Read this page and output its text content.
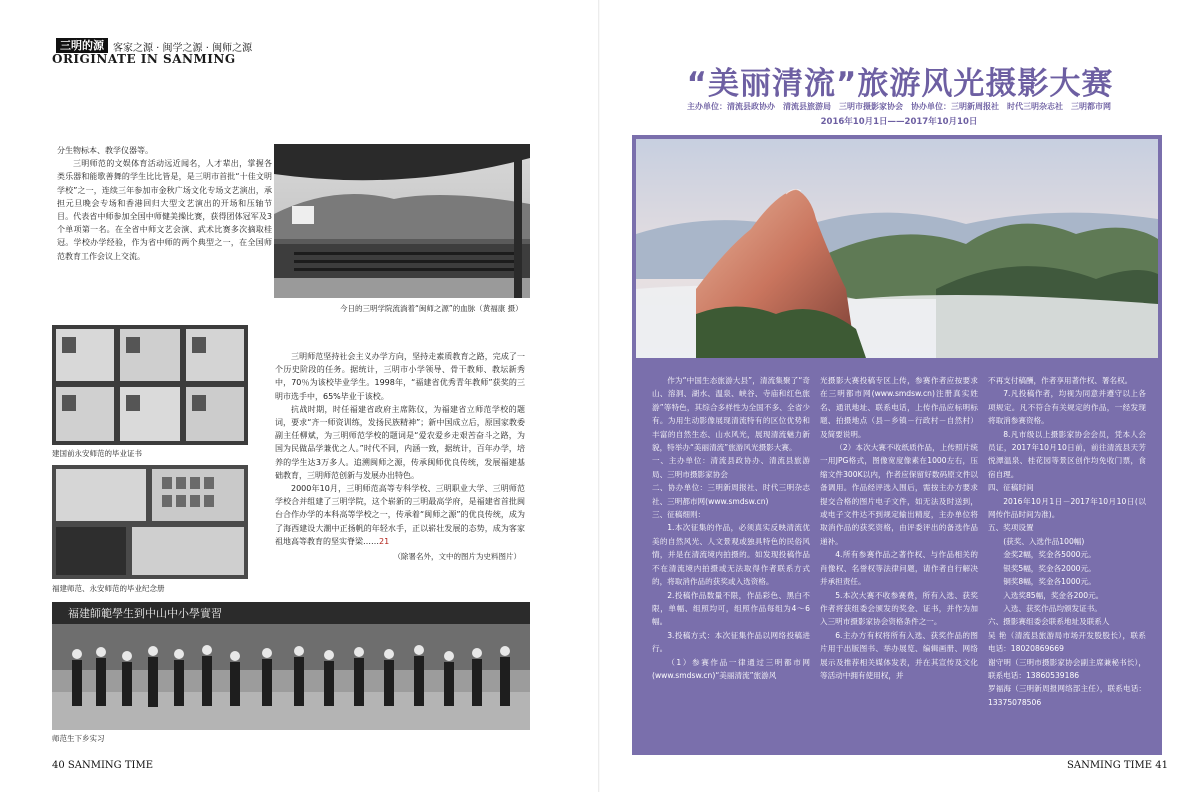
三明的源 客家之源 · 闽学之源 · 闽师之源
ORIGINATE IN SANMING

分生物标本、教学仪器等。

三明师范的文娱体育活动远近闻名，人才辈出，掌握各类乐器和能歌善舞的学生比比皆是，是三明市首批“十佳文明学校”之一，连续三年参加市金秋广场文化专场文艺演出，承担元旦晚会专场和香港回归大型文艺演出的开场和压轴节目。代表省中师参加全国中师健美操比赛，获得团体冠军及3个单项第一名。在全省中师文艺会演、武术比赛多次摘取桂冠。学校办学经验，作为省中师的两个典型之一，在全国师范教育工作会议上交流。

今日的三明学院流淌着“闽师之源”的血脉（黄福康 摄）
建国前永安师范的毕业证书
福建师范、永安师范的毕业纪念册

三明师范坚持社会主义办学方向，坚持走素质教育之路，完成了一个历史阶段的任务。据统计，三明市小学领导、骨干教师、教坛新秀中，70％为该校毕业学生。1998年，“福建省优秀青年教师”获奖的三明市选手中，65%毕业于该校。

抗战时期，时任福建省政府主席陈仪，为福建省立师范学校的题词，要求“齐一师资训练，发扬民族精神”；新中国成立后，原国家教委副主任柳斌，为三明师范学校的题词是“爱农爱乡走艰苦奋斗之路，为国为民做品学兼优之人。”时代不同，内涵一致，据统计，百年办学，培养的学生达3万多人。追溯闽师之源，传承闽师优良传统，发展福建基础教育，三明师范创新与发展办出特色。

2000年10月，三明师范高等专科学校、三明职业大学、三明师范学校合并组建了三明学院，这个崭新的三明最高学府，是福建省首批闽台合作办学的本科高等学校之一，传承着“闽师之源”的优良传统，成为了海西建设大潮中正扬帆的年轻水手，正以崭壮发展的态势，成为客家祖地高等教育的坚实脊梁……21

（除署名外，文中的图片为史料图片）

福建師範學生到中山中小學實習
师范生下乡实习
40 SANMING TIME
“美丽清流”旅游风光摄影大赛
主办单位：清流县政协办　清流县旅游局　三明市摄影家协会　协办单位：三明新周报社　时代三明杂志社　三明都市网
2016年10月1日——2017年10月10日

作为“中国生态旅游大县”，清流集聚了“奇山、溶洞、湖水、温泉、峡谷、寺庙和红色旅游”等特色，其综合多样性为全国不多、全省少有。为用生动影像展现清流特有的区位优势和丰富的自然生态、山水风光，展现清流魅力新貌，特举办“美丽清流”旅游风光摄影大赛。

一、主办单位：清流县政协办、清流县旅游局、三明市摄影家协会

二、协办单位：三明新周报社、时代三明杂志社、三明都市网(www.smdsw.cn)

三、征稿细则：

1.本次征集的作品，必须真实反映清流优美的自然风光、人文景观或独具特色的民俗风情，并是在清流境内拍摄的。如发现投稿作品不在清流境内拍摄或无法取得作者联系方式的，将取消作品的获奖或入选资格。

2.投稿作品数量不限，作品彩色、黑白不限，单幅、组照均可，组照作品每组为4～6幅。

3.投稿方式：本次征集作品以网络投稿进行。

（1）参赛作品一律通过三明都市网(www.smdsw.cn)“美丽清流”旅游风

光摄影大赛投稿专区上传，参赛作者应按要求在三明都市网(www.smdsw.cn)注册真实姓名、通讯地址、联系电话，上传作品应标明标题、拍摄地点（县－乡镇－行政村－自然村）及简要说明。

（2）本次大赛不收纸质作品，上传照片统一用JPG格式，图像宽度像素在1000左右，压缩文件300K以内，作者应保留好数码原文件以备调用。作品经评选入围后，需按主办方要求提交合格的图片电子文件，如无法及时送到，或电子文件达不到规定输出精度，主办单位将取消作品的获奖资格，由评委评出的备选作品递补。

4.所有参赛作品之著作权、与作品相关的肖像权、名誉权等法律问题，请作者自行解决并承担责任。

5.本次大赛不收参赛费，所有入选、获奖作者将获组委会颁发的奖金、证书，并作为加入三明市摄影家协会资格条件之一。

6.主办方有权将所有入选、获奖作品的图片用于出版图书、举办展览、编辑画册、网络展示及推荐相关媒体发表，并在其宣传及文化等活动中拥有使用权，并

不再支付稿酬，作者享用著作权、署名权。

7.凡投稿作者，均视为同意并遵守以上各项规定。凡不符合有关规定的作品，一经发现将取消参赛资格。

8.凡市级以上摄影家协会会员，凭本人会员证，2017年10月10日前，前往清流县天芳悦潭温泉、桂花园等景区创作均免收门票，食宿自理。

四、征稿时间

2016年10月1日－2017年10月10日(以网传作品时间为准)。

五、奖项设置

(获奖、入选作品100幅)

金奖2幅，奖金各5000元。

银奖5幅，奖金各2000元。

铜奖8幅，奖金各1000元。

入选奖85幅，奖金各200元。

入选、获奖作品均颁发证书。

六、摄影赛组委会联系地址及联系人

吴 艳（清流县旅游局市场开发股股长），联系电话：18020869669

谢守明（三明市摄影家协会副主席兼秘书长），联系电话：13860539186

罗福海（三明新周报网络部主任），联系电话：13375078506

SANMING TIME 41
